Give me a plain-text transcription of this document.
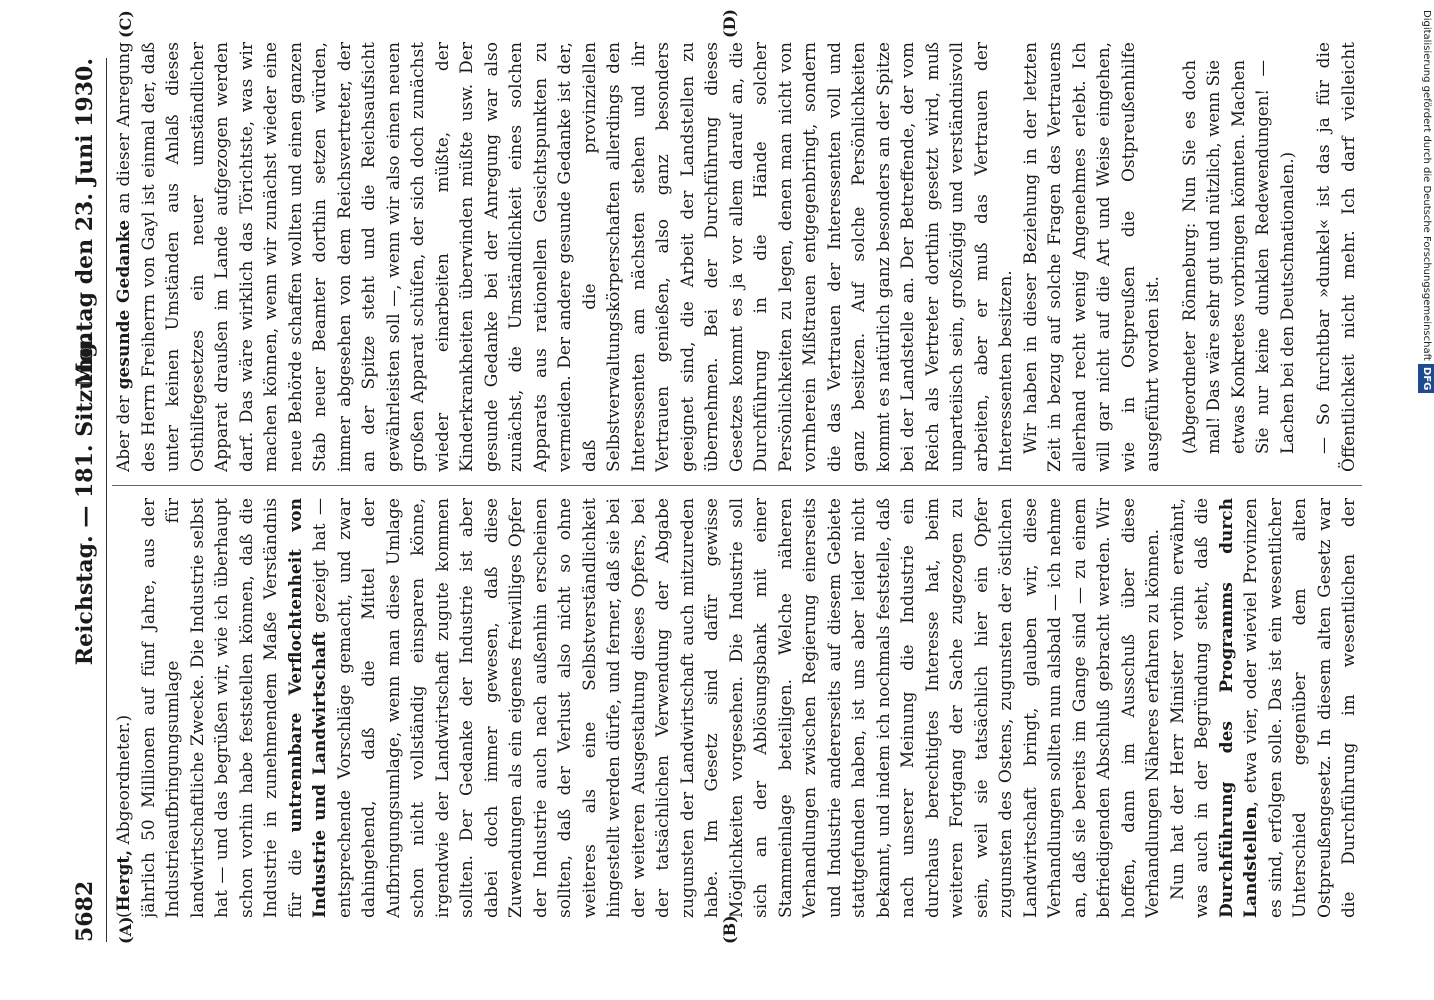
5682
Reichstag. — 181. Sitzung.
Montag den 23. Juni 1930.
(A)	(B)
(C)	(D)

(Hergt, Abgeordneter.) jährlich 50 Millionen auf fünf Jahre, aus der Industrieaufbringungsumlage für landwirtschaftliche Zwecke. Die Industrie selbst hat — und das begrüßen wir, wie ich überhaupt schon vorhin habe feststellen können, daß die Industrie in zunehmendem Maße Verständnis für die untrennbare Verflochtenheit von Industrie und Landwirtschaft gezeigt hat — entsprechende Vorschläge gemacht, und zwar dahingehend, daß die Mittel der Aufbringungsumlage, wenn man diese Umlage schon nicht vollständig einsparen könne, irgendwie der Landwirtschaft zugute kommen sollten. Der Gedanke der Industrie ist aber dabei doch immer gewesen, daß diese Zuwendungen als ein eigenes freiwilliges Opfer der Industrie auch nach außenhin erscheinen sollten, daß der Verlust also nicht so ohne weiteres als eine Selbstverständlichkeit hingestellt werden dürfe, und ferner, daß sie bei der weiteren Ausgestaltung dieses Opfers, bei der tatsächlichen Verwendung der Abgabe zugunsten der Landwirtschaft auch mitzureden habe. Im Gesetz sind dafür gewisse Möglichkeiten vorgesehen. Die Industrie soll sich an der Ablösungsbank mit einer Stammeinlage beteiligen. Welche näheren Verhandlungen zwischen Regierung einerseits und Industrie andererseits auf diesem Gebiete stattgefunden haben, ist uns aber leider nicht bekannt, und indem ich nochmals feststelle, daß nach unserer Meinung die Industrie ein durchaus berechtigtes Interesse hat, beim weiteren Fortgang der Sache zugezogen zu sein, weil sie tatsächlich hier ein Opfer zugunsten des Ostens, zugunsten der östlichen Landwirtschaft bringt, glauben wir, diese Verhandlungen sollten nun alsbald — ich nehme an, daß sie bereits im Gange sind — zu einem befriedigenden Abschluß gebracht werden. Wir hoffen, dann im Ausschuß über diese Verhandlungen Näheres erfahren zu können. Nun hat der Herr Minister vorhin erwähnt, was auch in der Begründung steht, daß die Durchführung des Programms durch Landstellen, etwa vier, oder wieviel Provinzen es sind, erfolgen solle. Das ist ein wesentlicher Unterschied gegenüber dem alten Ostpreußengesetz. In diesem alten Gesetz war die Durchführung im wesentlichen der

Aber der gesunde Gedanke an dieser Anregung des Herrn Freiherrn von Gayl ist einmal der, daß unter keinen Umständen aus Anlaß dieses Osthilfegesetzes ein neuer umständlicher Apparat draußen im Lande aufgezogen werden darf. Das wäre wirklich das Törichtste, was wir machen können, wenn wir zunächst wieder eine neue Behörde schaffen wollten und einen ganzen Stab neuer Beamter dorthin setzen würden, immer abgesehen von dem Reichsvertreter, der an der Spitze steht und die Reichsaufsicht gewährleisten soll —, wenn wir also einen neuen großen Apparat schüfen, der sich doch zunächst wieder einarbeiten müßte, der Kinderkrankheiten überwinden müßte usw. Der gesunde Gedanke bei der Anregung war also zunächst, die Umständlichkeit eines solchen Apparats aus rationellen Gesichtspunkten zu vermeiden. Der andere gesunde Gedanke ist der, daß die provinziellen Selbstverwaltungskörperschaften allerdings den Interessenten am nächsten stehen und ihr Vertrauen genießen, also ganz besonders geeignet sind, die Arbeit der Landstellen zu übernehmen. Bei der Durchführung dieses Gesetzes kommt es ja vor allem darauf an, die Durchführung in die Hände solcher Persönlichkeiten zu legen, denen man nicht von vornherein Mißtrauen entgegenbringt, sondern die das Vertrauen der Interessenten voll und ganz besitzen. Auf solche Persönlichkeiten kommt es natürlich ganz besonders an der Spitze bei der Landstelle an. Der Betreffende, der vom Reich als Vertreter dorthin gesetzt wird, muß unparteiisch sein, großzügig und verständnisvoll arbeiten, aber er muß das Vertrauen der Interessenten besitzen. Wir haben in dieser Beziehung in der letzten Zeit in bezug auf solche Fragen des Vertrauens allerhand recht wenig Angenehmes erlebt. Ich will gar nicht auf die Art und Weise eingehen, wie in Ostpreußen die Ostpreußenhilfe ausgeführt worden ist. (Abgeordneter Rönneburg: Nun Sie es doch mal! Das wäre sehr gut und nützlich, wenn Sie etwas Konkretes vorbringen könnten. Machen Sie nur keine dunklen Redewendungen! — Lachen bei den Deutschnationalen.) — So furchtbar »dunkel« ist das ja für die Öffentlichkeit nicht mehr. Ich darf vielleicht	Digitalisierung gefördert durch die Deutsche Forschungsgemeinschaft DFG
